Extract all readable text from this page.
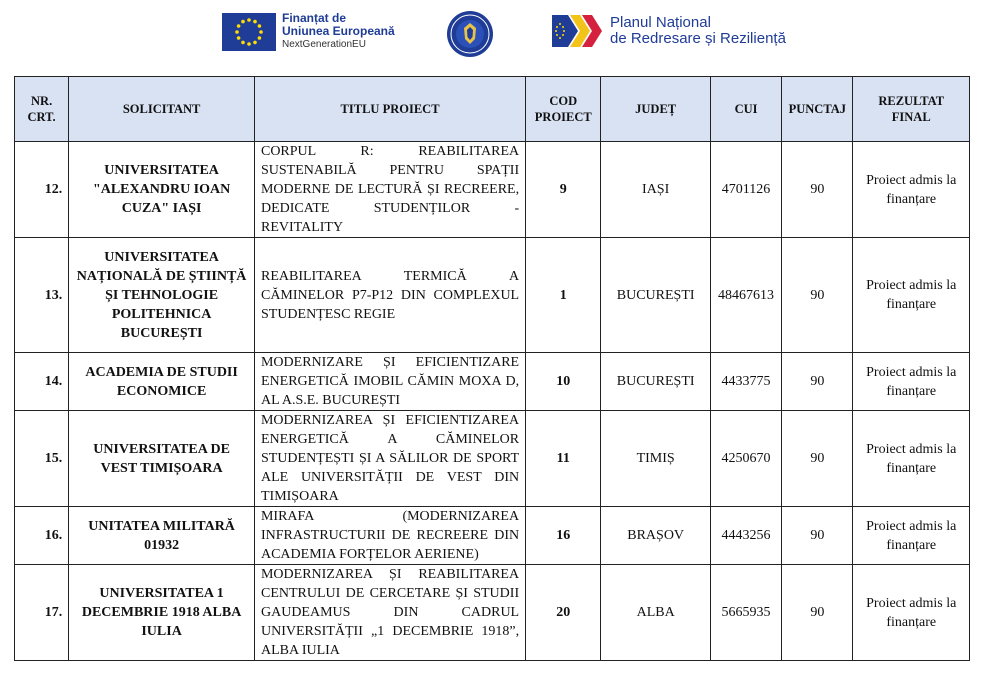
Finanțat de
Uniunea Europeană
NextGenerationEU
Planul Național
de Redresare și Reziliență
NR. CRT.	SOLICITANT	TITLU PROIECT	COD PROIECT	JUDEȚ	CUI	PUNCTAJ	REZULTAT FINAL
12.	UNIVERSITATEA "ALEXANDRU IOAN CUZA" IAȘI	CORPUL R: REABILITAREA SUSTENABILĂ PENTRU SPAȚII MODERNE DE LECTURĂ ȘI RECREERE, DEDICATE STUDENȚILOR - REVITALITY	9	IAȘI	4701126	90	Proiect admis la finanțare
13.	UNIVERSITATEA NAȚIONALĂ DE ȘTIINȚĂ ȘI TEHNOLOGIE POLITEHNICA BUCUREȘTI	REABILITAREA TERMICĂ A CĂMINELOR P7-P12 DIN COMPLEXUL STUDENȚESC REGIE	1	BUCUREȘTI	48467613	90	Proiect admis la finanțare
14.	ACADEMIA DE STUDII ECONOMICE	MODERNIZARE ȘI EFICIENTIZARE ENERGETICĂ IMOBIL CĂMIN MOXA D, AL A.S.E. BUCUREȘTI	10	BUCUREȘTI	4433775	90	Proiect admis la finanțare
15.	UNIVERSITATEA DE VEST TIMIȘOARA	MODERNIZAREA ȘI EFICIENTIZAREA ENERGETICĂ A CĂMINELOR STUDENȚEȘTI ȘI A SĂLILOR DE SPORT ALE UNIVERSITĂȚII DE VEST DIN TIMIȘOARA	11	TIMIȘ	4250670	90	Proiect admis la finanțare
16.	UNITATEA MILITARĂ 01932	MIRAFA (MODERNIZAREA INFRASTRUCTURII DE RECREERE DIN ACADEMIA FORȚELOR AERIENE)	16	BRAȘOV	4443256	90	Proiect admis la finanțare
17.	UNIVERSITATEA 1 DECEMBRIE 1918 ALBA IULIA	MODERNIZAREA ȘI REABILITAREA CENTRULUI DE CERCETARE ȘI STUDII GAUDEAMUS DIN CADRUL UNIVERSITĂȚII „1 DECEMBRIE 1918”, ALBA IULIA	20	ALBA	5665935	90	Proiect admis la finanțare
